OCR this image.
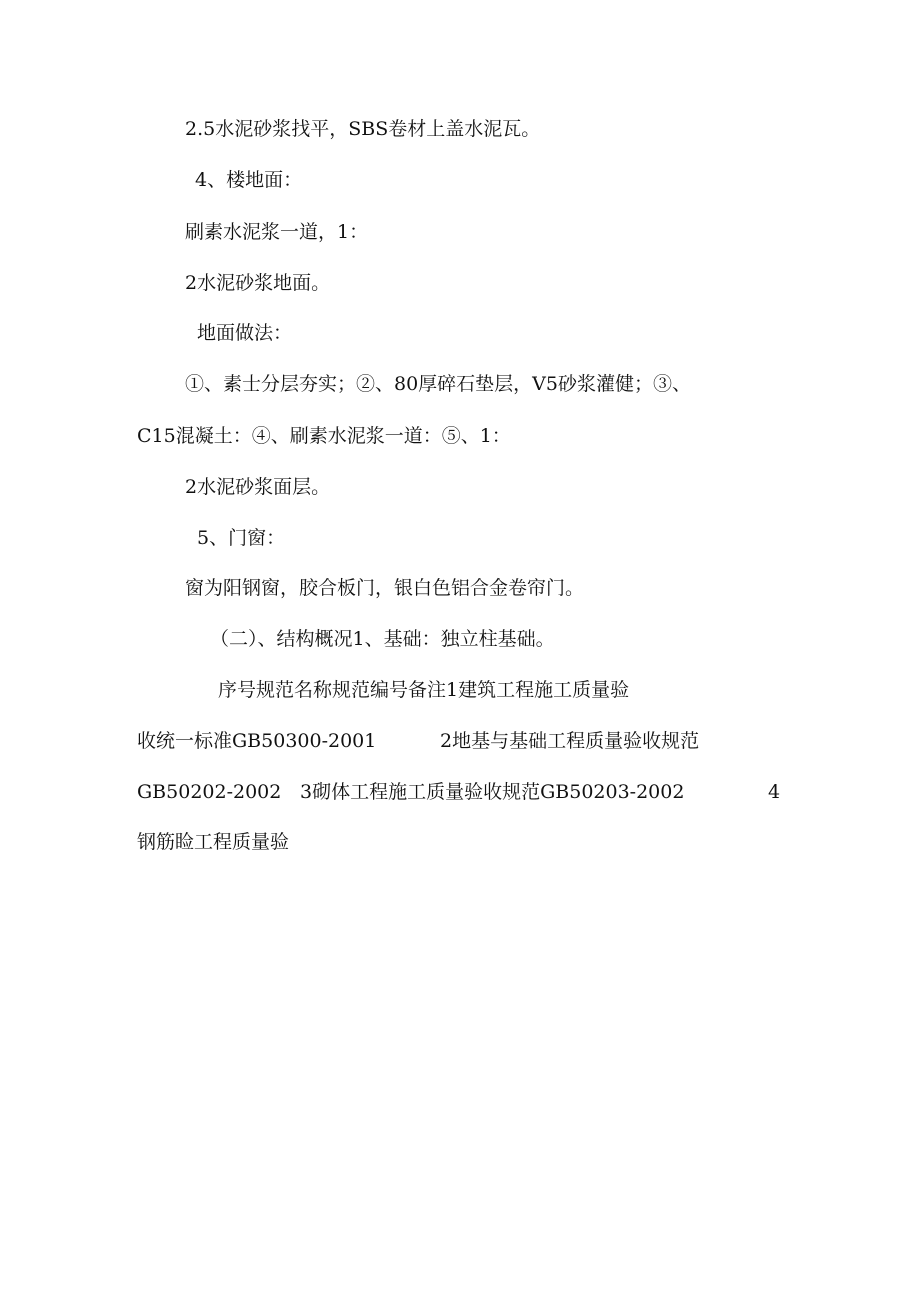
2.5水泥砂浆找平，SBS卷材上盖水泥瓦。
4、楼地面：
刷素水泥浆一道，1：
2水泥砂浆地面。
地面做法：
①、素士分层夯实；②、80厚碎石垫层，V5砂浆灌健；③、
C15混凝土：④、刷素水泥浆一道：⑤、1：
2水泥砂浆面层。
5、门窗：
窗为阳钢窗，胶合板门，银白色铝合金卷帘门。
（二）、结构概况1、基础：独立柱基础。
序号规范名称规范编号备注1建筑工程施工质量验
收统一标准GB50300-2001	2地基与基础工程质量验收规范
GB50202-2002 3砌体工程施工质量验收规范GB50203-2002	4
钢筋睑工程质量验
